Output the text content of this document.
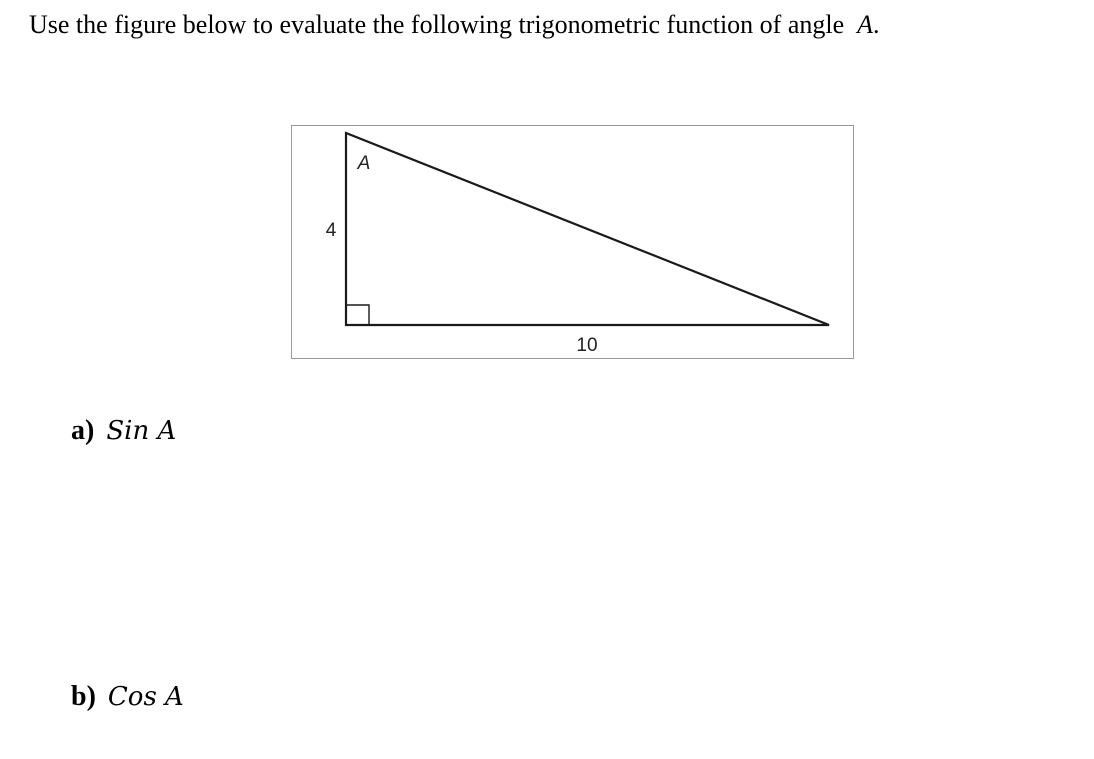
Use the figure below to evaluate the following trigonometric function of angle A.
A
4
10
a) Sin A
b) Cos A
